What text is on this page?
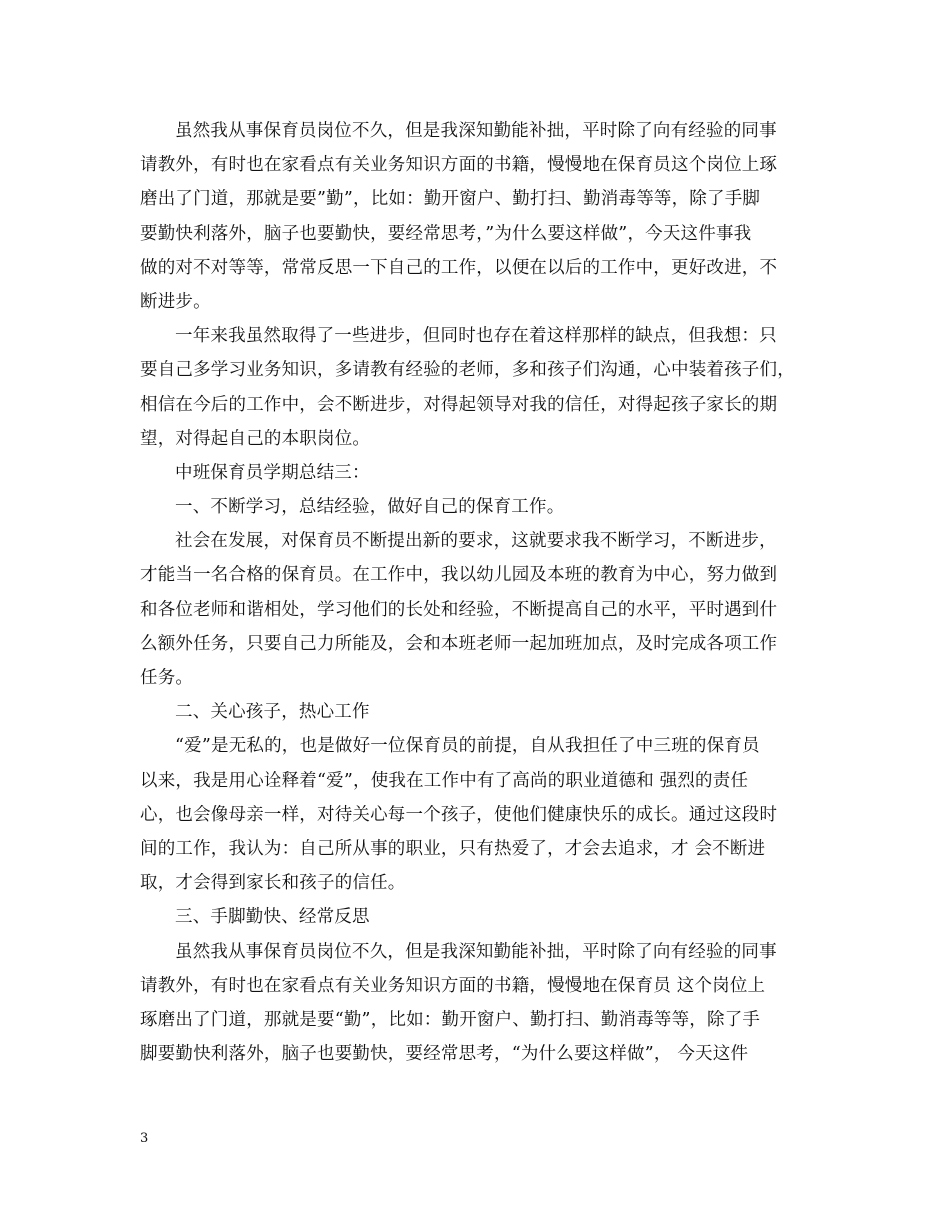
虽然我从事保育员岗位不久，但是我深知勤能补拙，平时除了向有经验的同事
请教外，有时也在家看点有关业务知识方面的书籍，慢慢地在保育员这个岗位上琢
磨出了门道，那就是要”勤”，比如：勤开窗户、勤打扫、勤消毒等等，除了手脚
要勤快利落外，脑子也要勤快，要经常思考，”为什么要这样做”，今天这件事我
做的对不对等等，常常反思一下自己的工作，以便在以后的工作中，更好改进，不
断进步。
一年来我虽然取得了一些进步，但同时也存在着这样那样的缺点，但我想：只
要自己多学习业务知识，多请教有经验的老师，多和孩子们沟通，心中装着孩子们，
相信在今后的工作中，会不断进步，对得起领导对我的信任，对得起孩子家长的期
望，对得起自己的本职岗位。
中班保育员学期总结三：
一、不断学习，总结经验，做好自己的保育工作。
社会在发展，对保育员不断提出新的要求，这就要求我不断学习，不断进步，
才能当一名合格的保育员。在工作中，我以幼儿园及本班的教育为中心，努力做到
和各位老师和谐相处，学习他们的长处和经验，不断提高自己的水平，平时遇到什
么额外任务，只要自己力所能及，会和本班老师一起加班加点，及时完成各项工作
任务。
二、关心孩子，热心工作
“爱”是无私的，也是做好一位保育员的前提，自从我担任了中三班的保育员
以来，我是用心诠释着“爱”，使我在工作中有了高尚的职业道德和 强烈的责任
心，也会像母亲一样，对待关心每一个孩子，使他们健康快乐的成长。通过这段时
间的工作，我认为：自己所从事的职业，只有热爱了，才会去追求，才 会不断进
取，才会得到家长和孩子的信任。
三、手脚勤快、经常反思
虽然我从事保育员岗位不久，但是我深知勤能补拙，平时除了向有经验的同事
请教外，有时也在家看点有关业务知识方面的书籍，慢慢地在保育员 这个岗位上
琢磨出了门道，那就是要“勤”，比如：勤开窗户、勤打扫、勤消毒等等，除了手
脚要勤快利落外，脑子也要勤快，要经常思考，“为什么要这样做”， 今天这件
3
